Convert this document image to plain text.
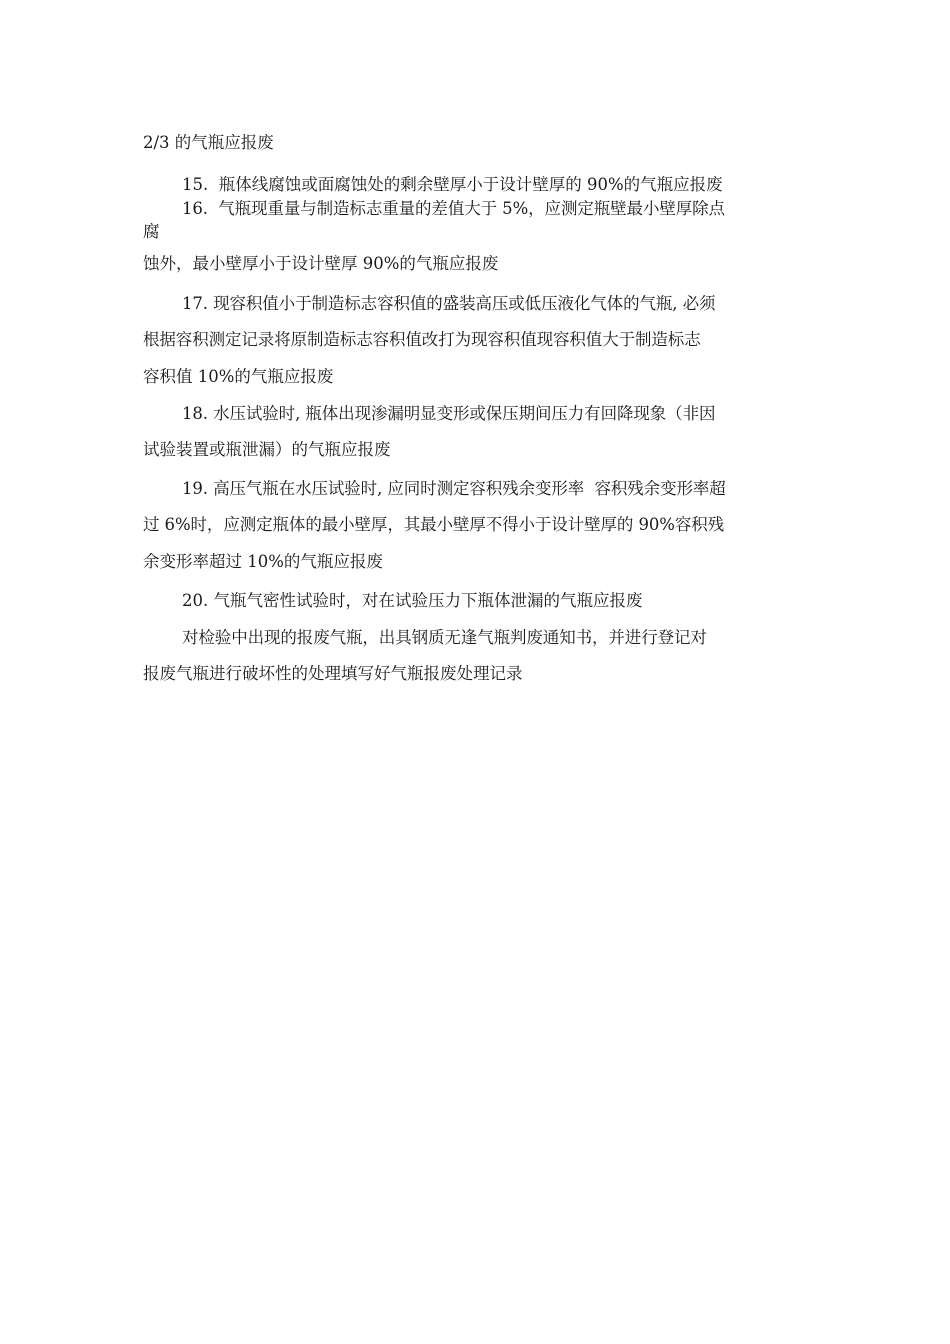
2/3 的气瓶应报废
15.  瓶体线腐蚀或面腐蚀处的剩余壁厚小于设计壁厚的 90%的气瓶应报废
16.  气瓶现重量与制造标志重量的差值大于 5%，应测定瓶壁最小壁厚除点
腐
蚀外，最小壁厚小于设计壁厚 90%的气瓶应报废
17. 现容积值小于制造标志容积值的盛装高压或低压液化气体的气瓶, 必须
根据容积测定记录将原制造标志容积值改打为现容积值现容积值大于制造标志
容积值 10%的气瓶应报废
18. 水压试验时, 瓶体出现渗漏明显变形或保压期间压力有回降现象（非因
试验装置或瓶泄漏）的气瓶应报废
19. 高压气瓶在水压试验时, 应同时测定容积残余变形率  容积残余变形率超
过 6%时，应测定瓶体的最小壁厚，其最小壁厚不得小于设计壁厚的 90%容积残
余变形率超过 10%的气瓶应报废
20. 气瓶气密性试验时，对在试验压力下瓶体泄漏的气瓶应报废
对检验中出现的报废气瓶，出具钢质无逢气瓶判废通知书，并进行登记对
报废气瓶进行破坏性的处理填写好气瓶报废处理记录
